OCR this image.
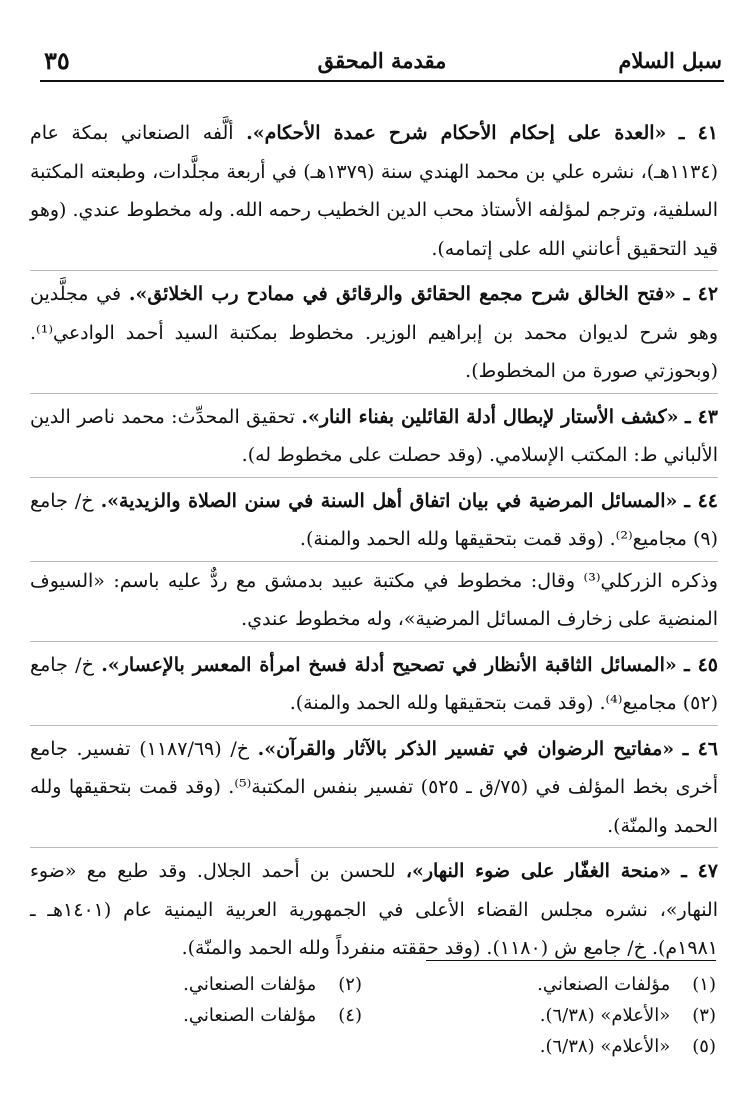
سبل السلام
مقدمة المحقق
٣٥

٤١ ـ «العدة على إحكام الأحكام شرح عمدة الأحكام». ألَّفه الصنعاني بمكة عام (١١٣٤هـ)، نشره علي بن محمد الهندي سنة (١٣٧٩هـ) في أربعة مجلَّدات، وطبعته المكتبة السلفية، وترجم لمؤلفه الأستاذ محب الدين الخطيب رحمه الله. وله مخطوط عندي. (وهو قيد التحقيق أعانني الله على إتمامه).

٤٢ ـ «فتح الخالق شرح مجمع الحقائق والرقائق في ممادح رب الخلائق». في مجلَّدين وهو شرح لديوان محمد بن إبراهيم الوزير. مخطوط بمكتبة السيد أحمد الوادعي⁽¹⁾. (وبحوزتي صورة من المخطوط).

٤٣ ـ «كشف الأستار لإبطال أدلة القائلين بفناء النار». تحقيق المحدِّث: محمد ناصر الدين الألباني ط: المكتب الإسلامي. (وقد حصلت على مخطوط له).

٤٤ ـ «المسائل المرضية في بيان اتفاق أهل السنة في سنن الصلاة والزيدية». خ/ جامع (٩) مجاميع⁽²⁾. (وقد قمت بتحقيقها ولله الحمد والمنة).

وذكره الزركلي⁽³⁾ وقال: مخطوط في مكتبة عبيد بدمشق مع ردٌّ عليه باسم: «السيوف المنضية على زخارف المسائل المرضية»، وله مخطوط عندي.

٤٥ ـ «المسائل الثاقبة الأنظار في تصحيح أدلة فسخ امرأة المعسر بالإعسار». خ/ جامع (٥٢) مجاميع⁽⁴⁾. (وقد قمت بتحقيقها ولله الحمد والمنة).

٤٦ ـ «مفاتيح الرضوان في تفسير الذكر بالآثار والقرآن». خ/ (١١٨٧/٦٩) تفسير. جامع أخرى بخط المؤلف في (٧٥/ق ـ ٥٢٥) تفسير بنفس المكتبة⁽⁵⁾. (وقد قمت بتحقيقها ولله الحمد والمنّة).

٤٧ ـ «منحة الغفّار على ضوء النهار»، للحسن بن أحمد الجلال. وقد طبع مع «ضوء النهار»، نشره مجلس القضاء الأعلى في الجمهورية العربية اليمنية عام (١٤٠١هـ ـ ١٩٨١م). خ/ جامع ش (١١٨٠). (وقد حققته منفرداً ولله الحمد والمنّة).

(١) مؤلفات الصنعاني.
(٢) مؤلفات الصنعاني.
(٣) «الأعلام» (٦/٣٨).
(٤) مؤلفات الصنعاني.
(٥) «الأعلام» (٦/٣٨).
